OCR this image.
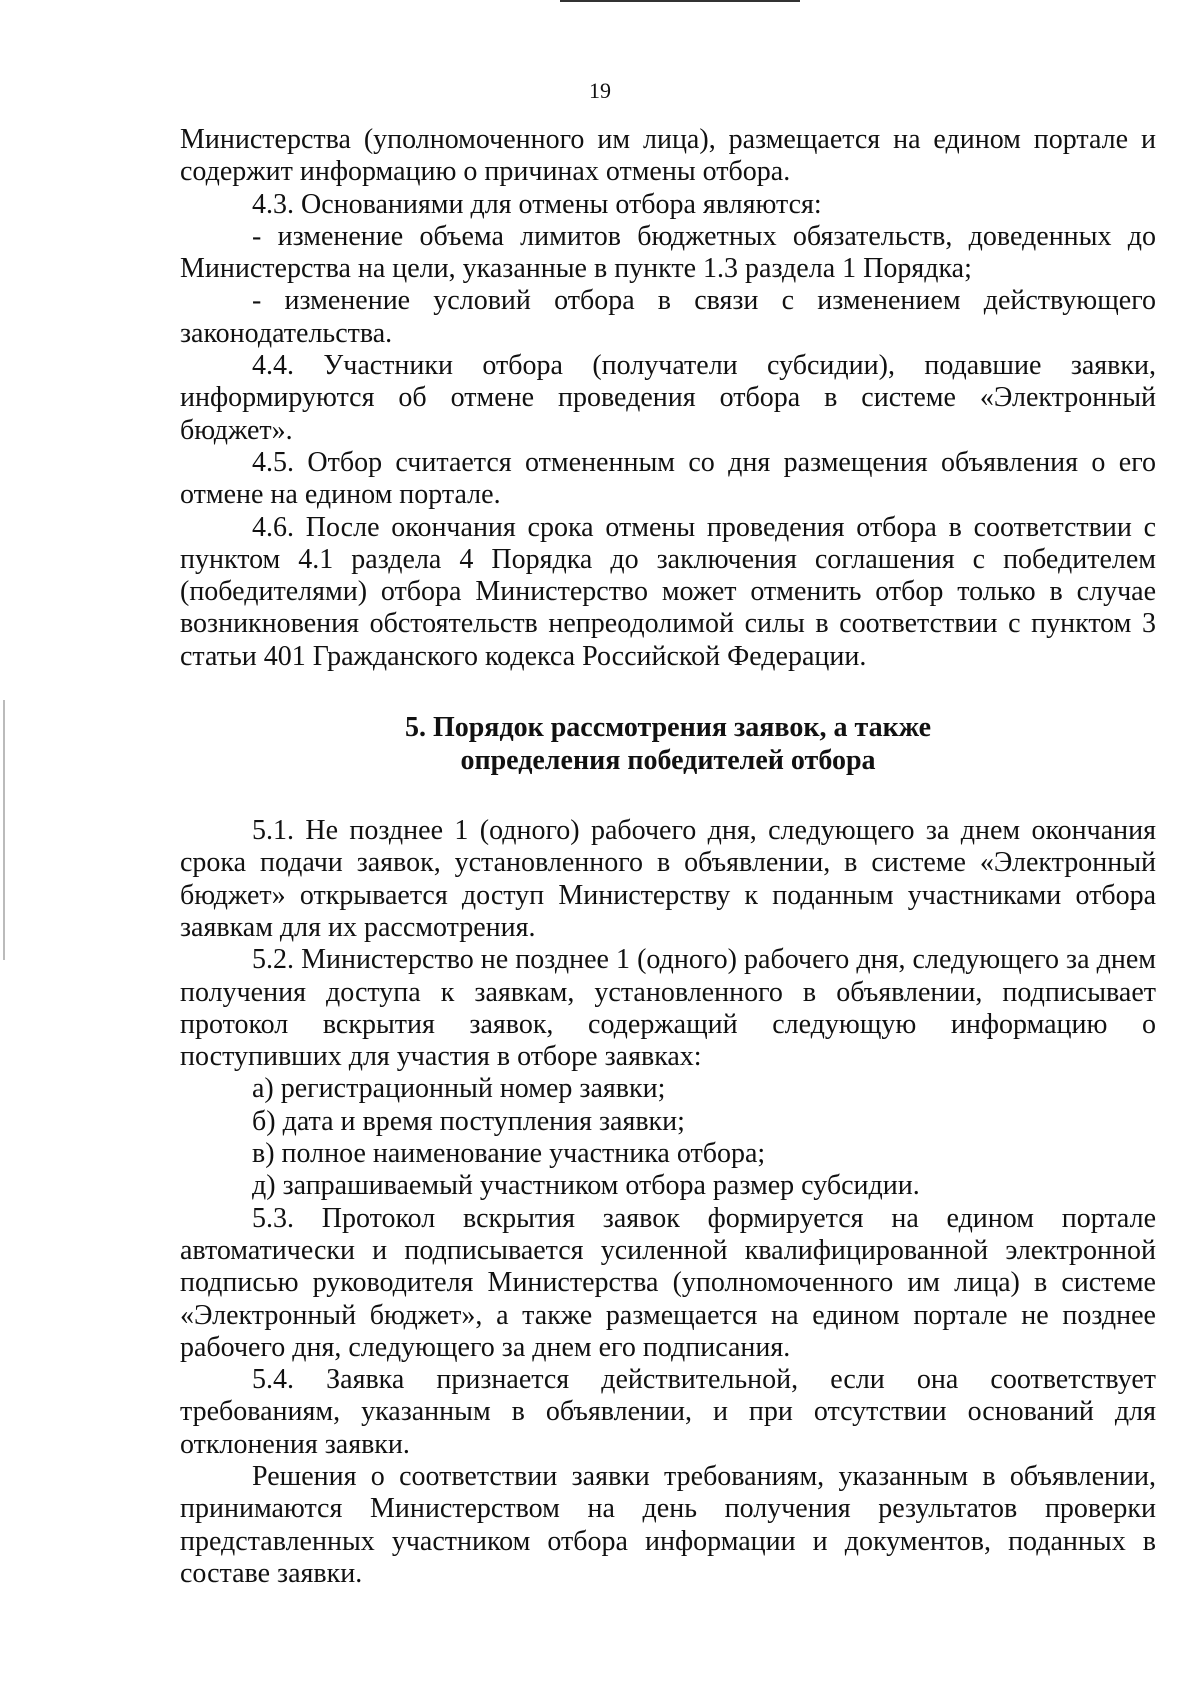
19

Министерства (уполномоченного им лица), размещается на едином портале и содержит информацию о причинах отмены отбора.

4.3. Основаниями для отмены отбора являются:

- изменение объема лимитов бюджетных обязательств, доведенных до Министерства на цели, указанные в пункте 1.3 раздела 1 Порядка;

- изменение условий отбора в связи с изменением действующего законодательства.

4.4. Участники отбора (получатели субсидии), подавшие заявки, информируются об отмене проведения отбора в системе «Электронный бюджет».

4.5. Отбор считается отмененным со дня размещения объявления о его отмене на едином портале.

4.6. После окончания срока отмены проведения отбора в соответствии с пунктом 4.1 раздела 4 Порядка до заключения соглашения с победителем (победителями) отбора Министерство может отменить отбор только в случае возникновения обстоятельств непреодолимой силы в соответствии с пунктом 3 статьи 401 Гражданского кодекса Российской Федерации.

5. Порядок рассмотрения заявок, а также
определения победителей отбора

5.1. Не позднее 1 (одного) рабочего дня, следующего за днем окончания срока подачи заявок, установленного в объявлении, в системе «Электронный бюджет» открывается доступ Министерству к поданным участниками отбора заявкам для их рассмотрения.

5.2. Министерство не позднее 1 (одного) рабочего дня, следующего за днем получения доступа к заявкам, установленного в объявлении, подписывает протокол вскрытия заявок, содержащий следующую информацию о поступивших для участия в отборе заявках:

а) регистрационный номер заявки;

б) дата и время поступления заявки;

в) полное наименование участника отбора;

д) запрашиваемый участником отбора размер субсидии.

5.3. Протокол вскрытия заявок формируется на едином портале автоматически и подписывается усиленной квалифицированной электронной подписью руководителя Министерства (уполномоченного им лица) в системе «Электронный бюджет», а также размещается на едином портале не позднее рабочего дня, следующего за днем его подписания.

5.4. Заявка признается действительной, если она соответствует требованиям, указанным в объявлении, и при отсутствии оснований для отклонения заявки.

Решения о соответствии заявки требованиям, указанным в объявлении, принимаются Министерством на день получения результатов проверки представленных участником отбора информации и документов, поданных в составе заявки.
